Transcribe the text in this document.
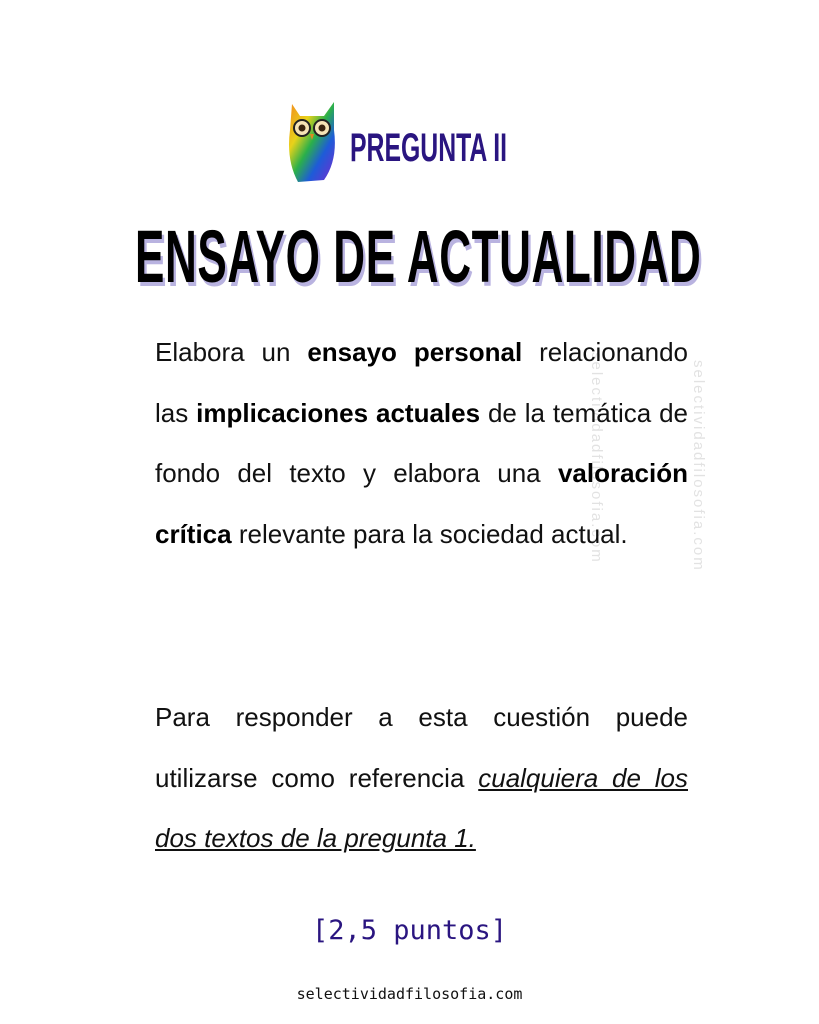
PREGUNTA II
ENSAYO DE ACTUALIDAD
selectividadfilosofia.com	selectividadfilosofia.com
Elabora un ensayo personal relacionando las implicaciones actuales de la temática de fondo del texto y elabora una valoración crítica relevante para la sociedad actual.
Para responder a esta cuestión puede utilizarse como referencia cualquiera de los dos textos de la pregunta 1.
[2,5 puntos]
selectividadfilosofia.com
